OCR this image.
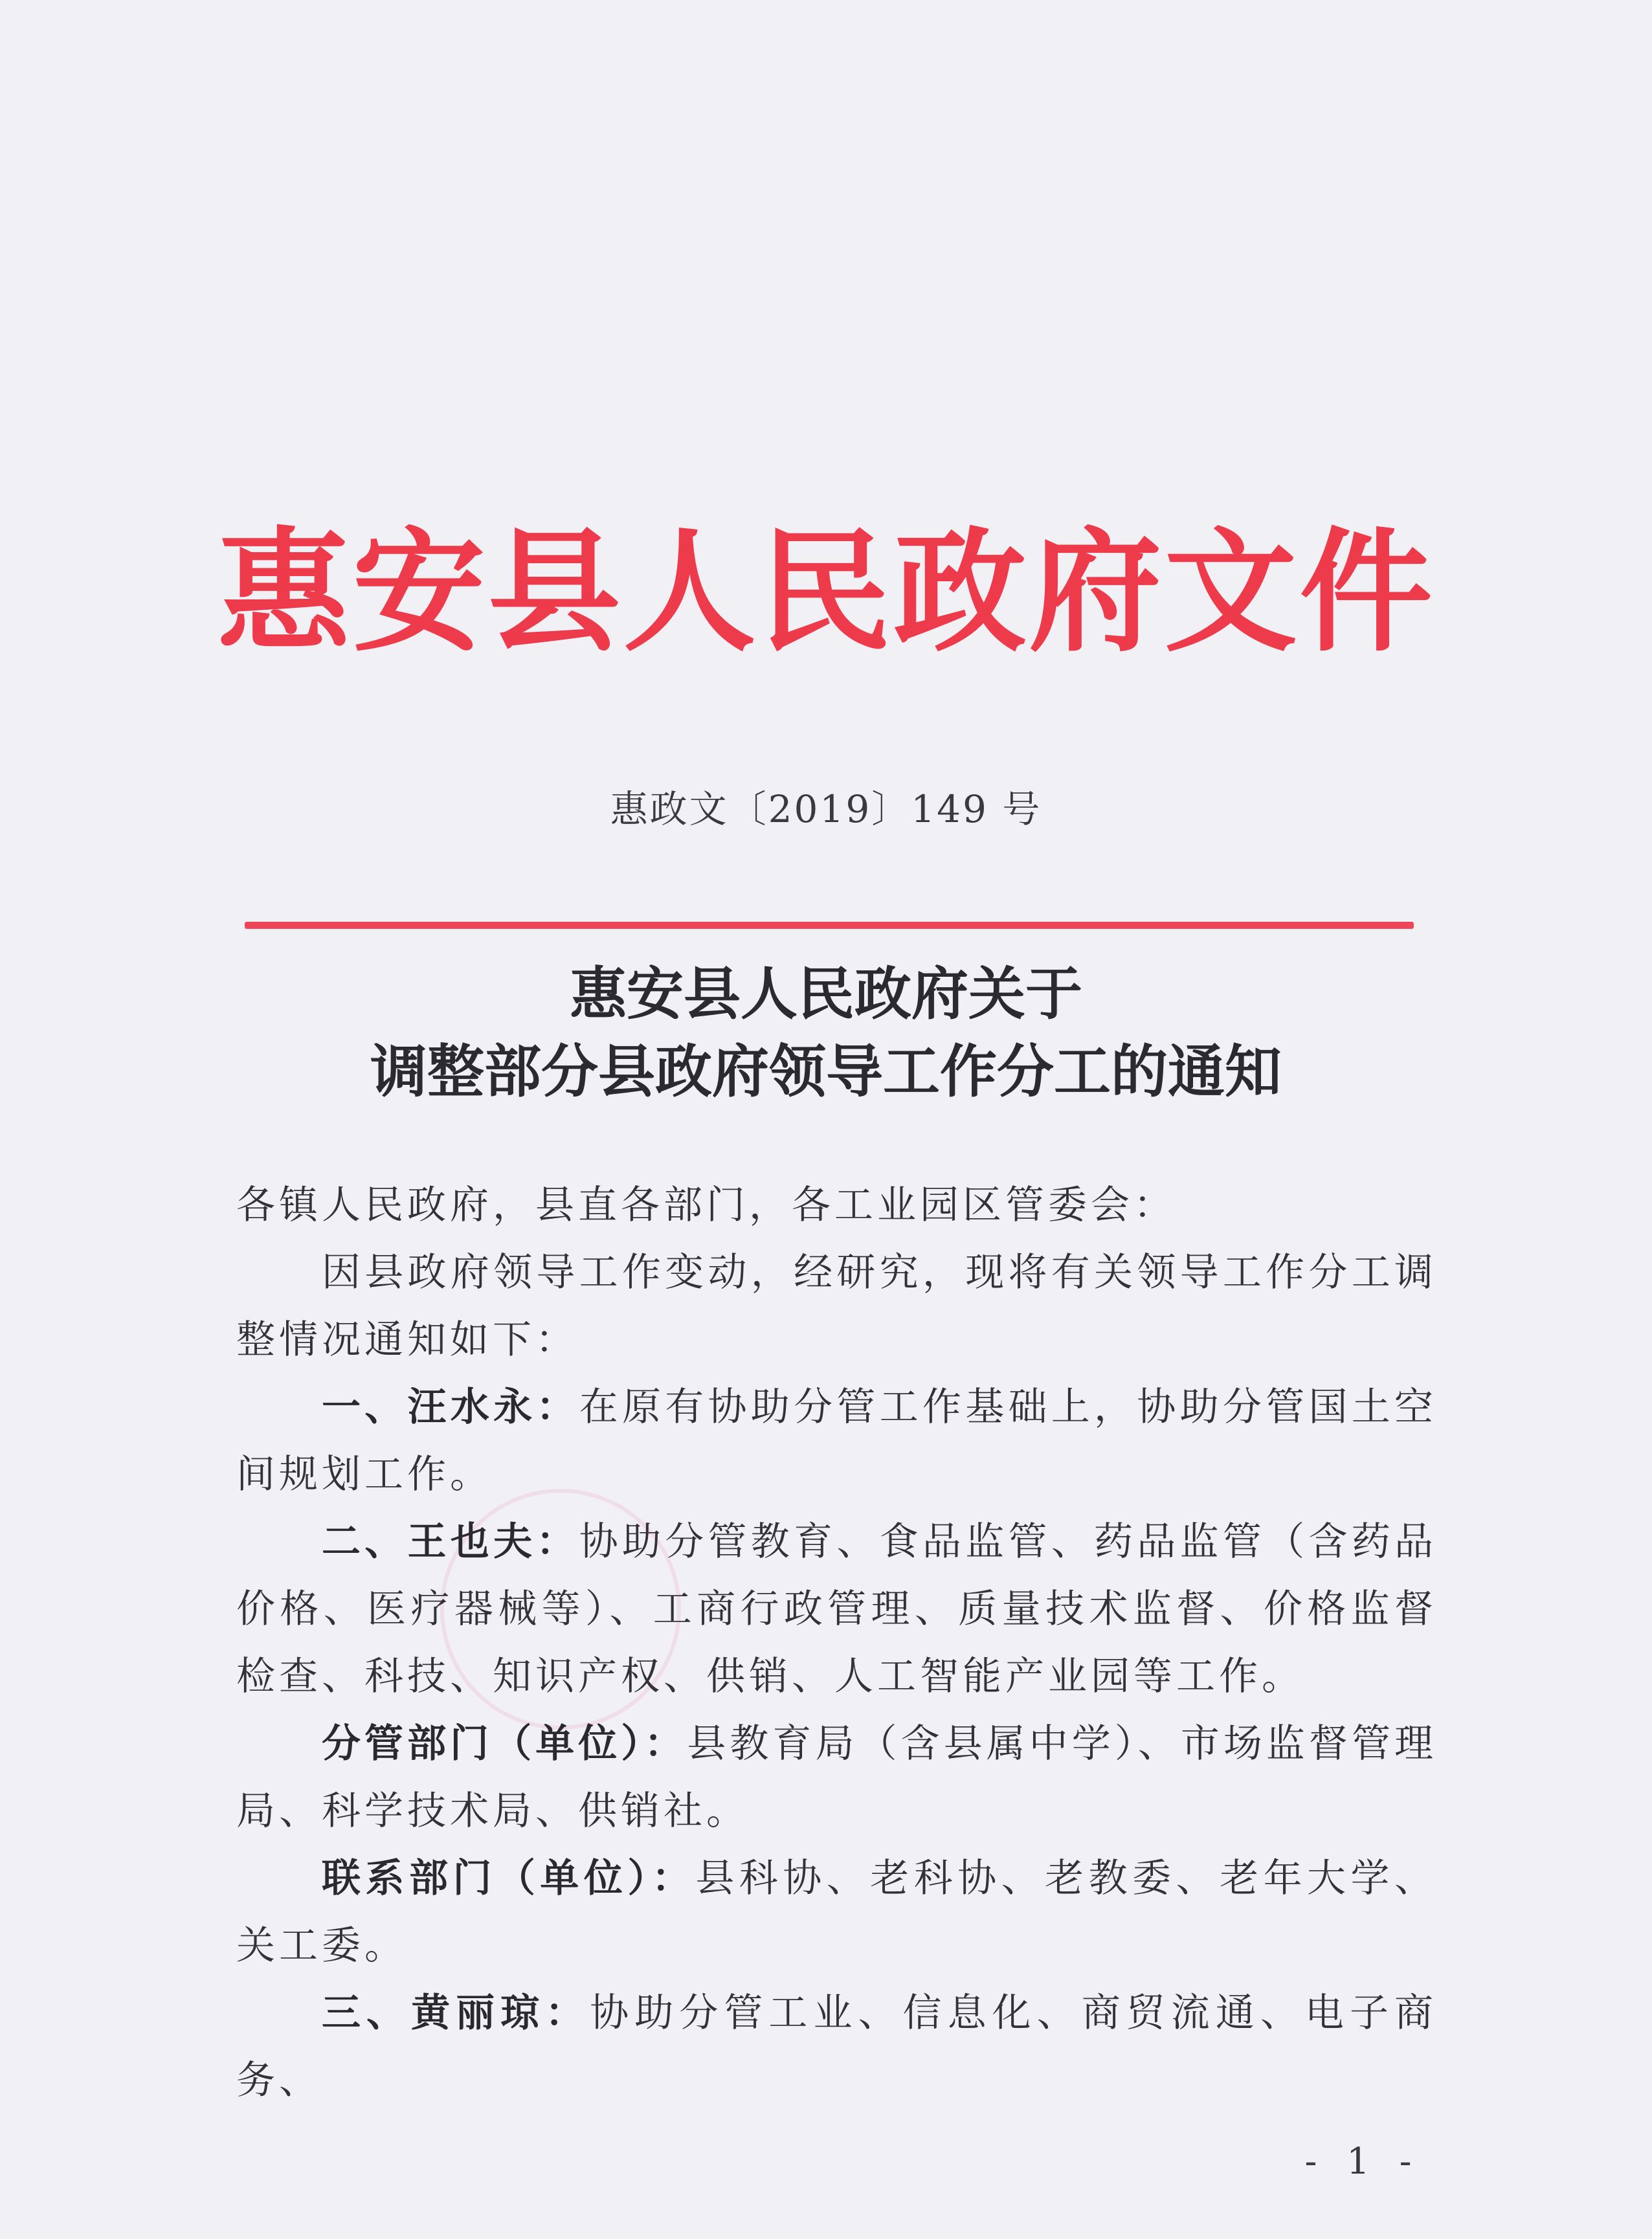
惠安县人民政府文件
惠政文〔2019〕149 号
惠安县人民政府关于
调整部分县政府领导工作分工的通知

各镇人民政府，县直各部门，各工业园区管委会：

因县政府领导工作变动，经研究，现将有关领导工作分工调整情况通知如下：

一、汪水永：在原有协助分管工作基础上，协助分管国土空间规划工作。

二、王也夫：协助分管教育、食品监管、药品监管（含药品价格、医疗器械等）、工商行政管理、质量技术监督、价格监督检查、科技、知识产权、供销、人工智能产业园等工作。

分管部门（单位）：县教育局（含县属中学）、市场监督管理局、科学技术局、供销社。

联系部门（单位）：县科协、老科协、老教委、老年大学、关工委。

三、黄丽琼：协助分管工业、信息化、商贸流通、电子商务、

- 1 -
